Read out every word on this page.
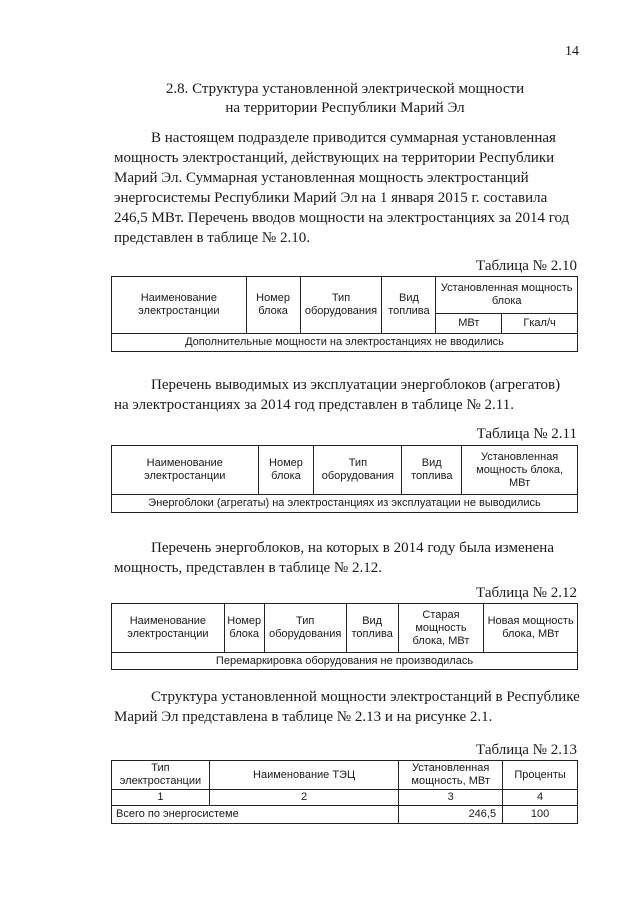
14
2.8. Структура установленной электрической мощности
на территории Республики Марий Эл

В настоящем подразделе приводится суммарная установленная

мощность электростанций, действующих на территории Республики

Марий Эл. Суммарная установленная мощность электростанций

энергосистемы Республики Марий Эл на 1 января 2015 г. составила

246,5 МВт. Перечень вводов мощности на электростанциях за 2014 год

представлен в таблице № 2.10.

Таблица № 2.10
Наименование электростанции	Номер блока	Тип оборудования	Вид топлива	Установленная мощность блока	
				МВт	Гкал/ч
Дополнительные мощности на электростанциях не вводились					

Перечень выводимых из эксплуатации энергоблоков (агрегатов)

на электростанциях за 2014 год представлен в таблице № 2.11.

Таблица № 2.11
Наименование электростанции	Номер блока	Тип оборудования	Вид топлива	Установленная мощность блока, МВт
Энергоблоки (агрегаты) на электростанциях из эксплуатации не выводились

Перечень энергоблоков, на которых в 2014 году была изменена

мощность, представлен в таблице № 2.12.

Таблица № 2.12
Наименование электростанции	Номер блока	Тип оборудования	Вид топлива	Старая мощность блока, МВт	Новая мощность блока, МВт
Перемаркировка оборудования не производилась

Структура установленной мощности электростанций в Республике

Марий Эл представлена в таблице № 2.13 и на рисунке 2.1.

Таблица № 2.13
Тип электростанции	Наименование ТЭЦ	Установленная мощность, МВт	Проценты
1	2	3	4
Всего по энергосистеме		246,5	100
